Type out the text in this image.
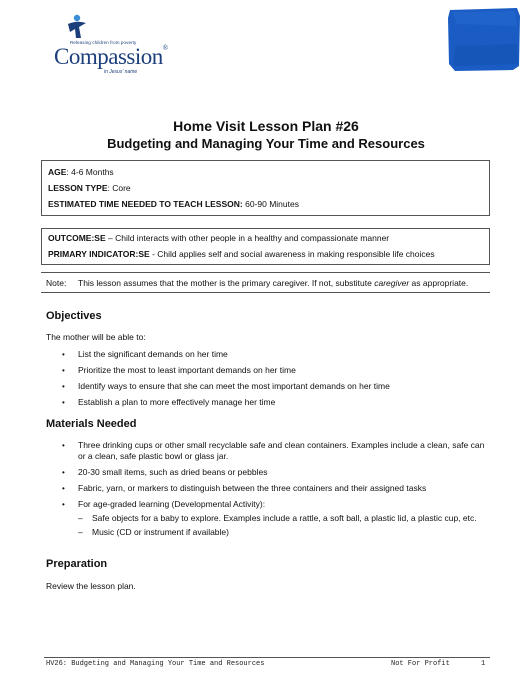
Releasing children from poverty
Compassion®
in Jesus' name
Home Visit Lesson Plan #26
Budgeting and Managing Your Time and Resources
AGE: 4-6 Months
LESSON TYPE: Core
ESTIMATED TIME NEEDED TO TEACH LESSON: 60-90 Minutes
OUTCOME:SE – Child interacts with other people in a healthy and compassionate manner
PRIMARY INDICATOR:SE - Child applies self and social awareness in making responsible life choices
Note: This lesson assumes that the mother is the primary caregiver. If not, substitute caregiver as appropriate.
Objectives
The mother will be able to:
• List the significant demands on her time
• Prioritize the most to least important demands on her time
• Identify ways to ensure that she can meet the most important demands on her time
• Establish a plan to more effectively manage her time
Materials Needed
• Three drinking cups or other small recyclable safe and clean containers. Examples include a clean, safe can or a clean, safe plastic bowl or glass jar.
• 20-30 small items, such as dried beans or pebbles
• Fabric, yarn, or markers to distinguish between the three containers and their assigned tasks
• For age-graded learning (Developmental Activity):
– Safe objects for a baby to explore. Examples include a rattle, a soft ball, a plastic lid, a plastic cup, etc.
– Music (CD or instrument if available)
Preparation
Review the lesson plan.
HV26: Budgeting and Managing Your Time and Resources	Not For Profit	1
